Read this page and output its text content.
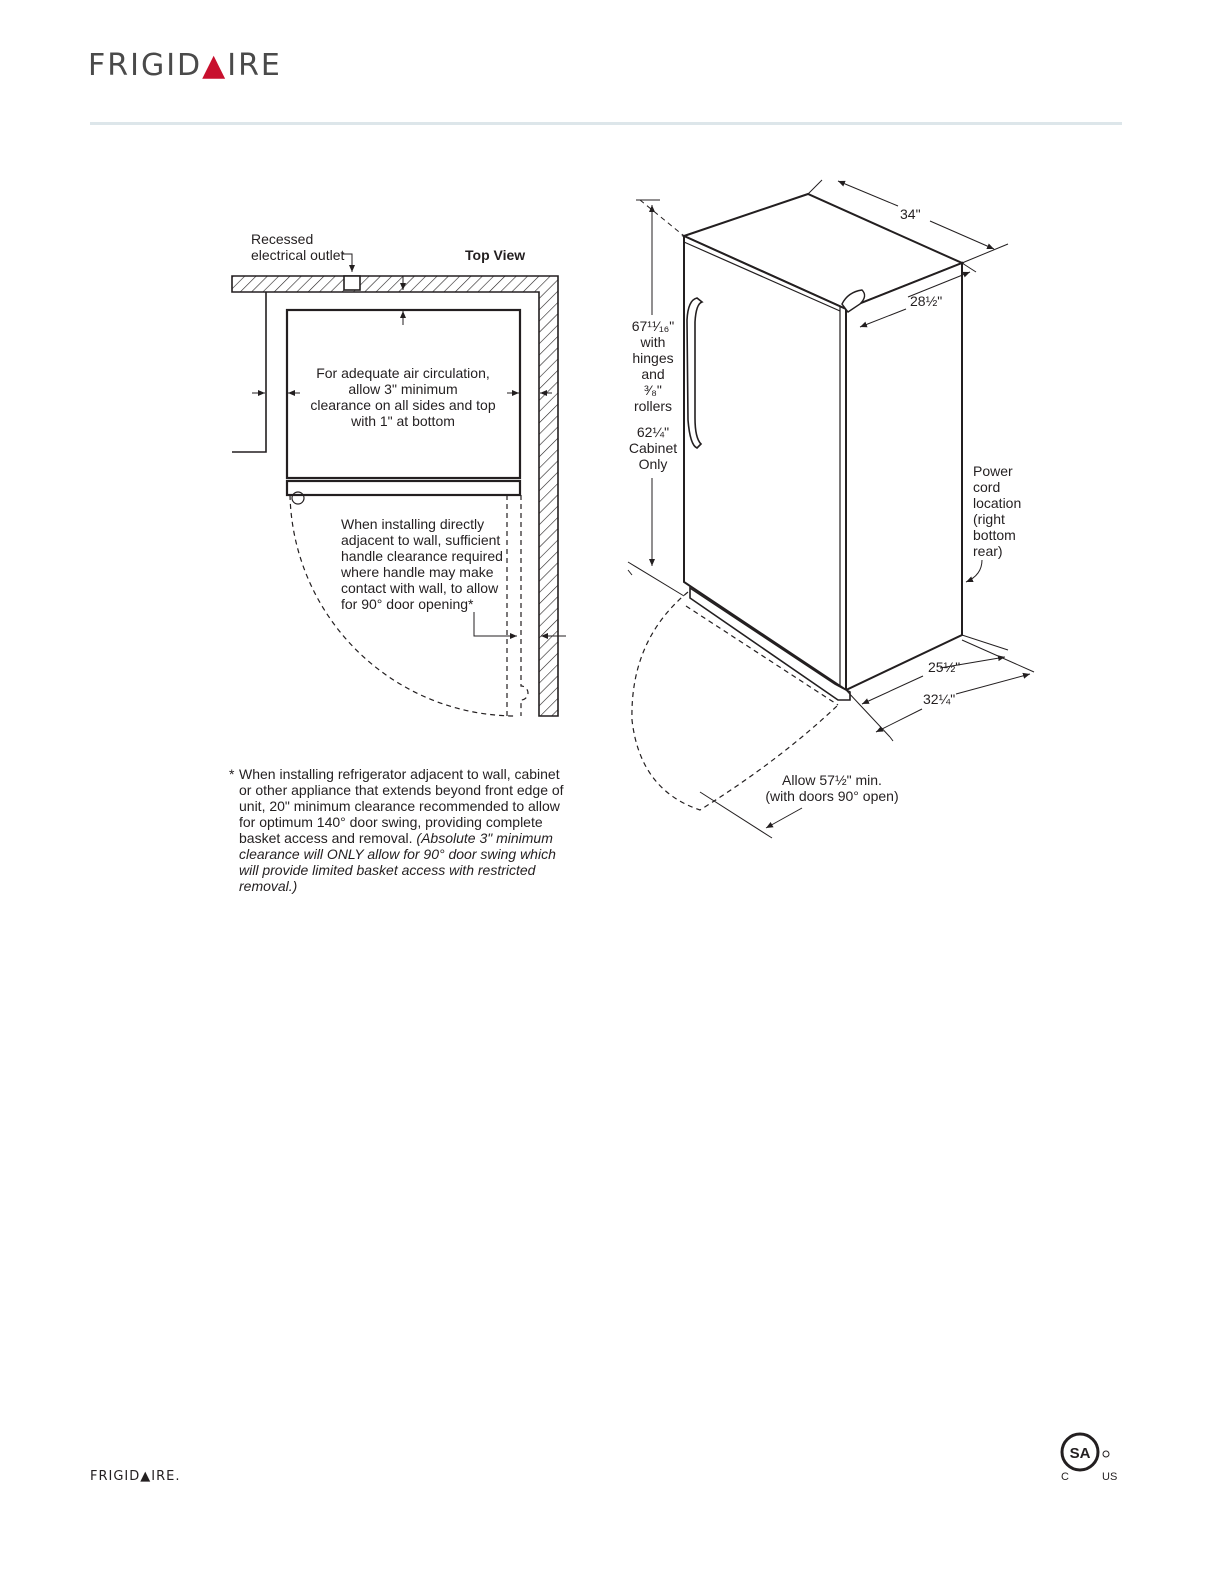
FRIGID▲IRE
Recessed
electrical outlet	Top View
For adequate air circulation,
allow 3" minimum
clearance on all sides and top
with 1" at bottom
When installing directly
adjacent to wall, sufficient
handle clearance required
where handle may make
contact with wall, to allow
for 90° door opening*
* When installing refrigerator adjacent to wall, cabinet or other appliance that extends beyond front edge of unit, 20" minimum clearance recommended to allow for optimum 140° door swing, providing complete basket access and removal. (Absolute 3" minimum clearance will ONLY allow for 90° door swing which will provide limited basket access with restricted removal.)
34"
28½"
67¹¹⁄₁₆"
with
hinges
and
³⁄₈"
rollers
62¼"
Cabinet
Only	Power
cord
location
(right
bottom
rear)
25½"
32¼"
Allow 57½" min.
(with doors 90° open)
FRIGID▲IRE.
SA
C	US
